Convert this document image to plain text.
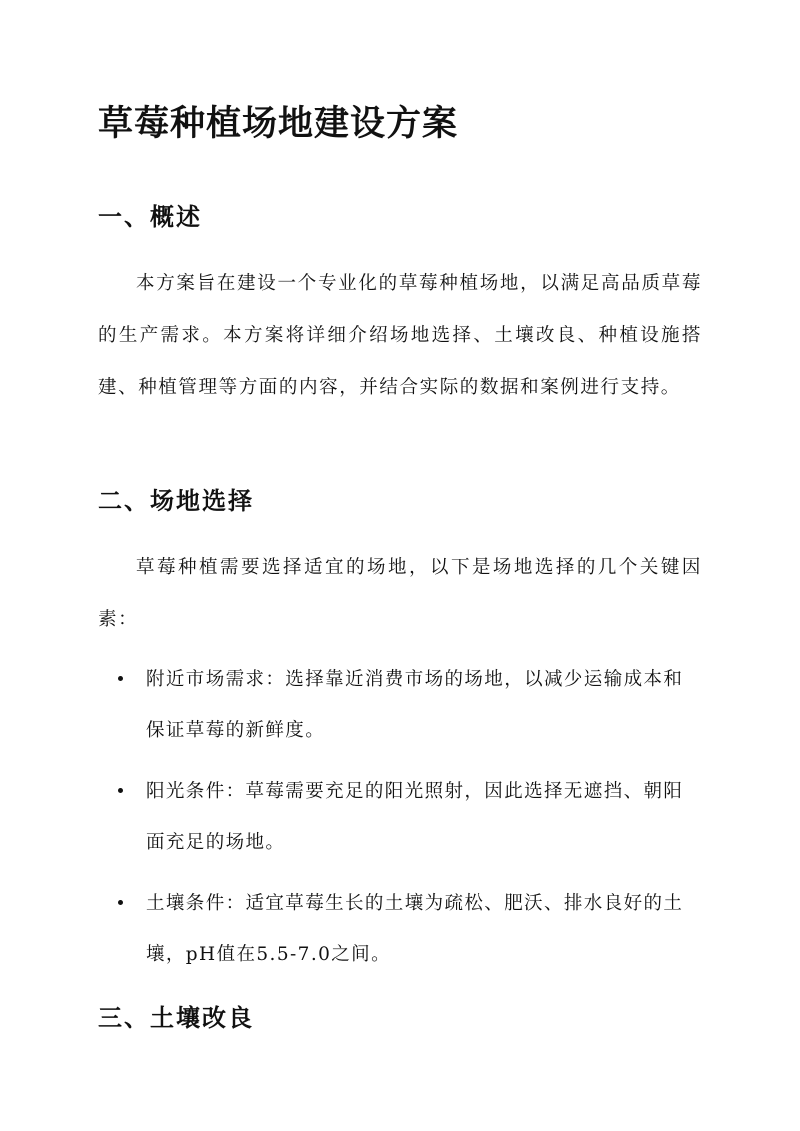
草莓种植场地建设方案
一、概述

本方案旨在建设一个专业化的草莓种植场地，以满足高品质草莓的生产需求。本方案将详细介绍场地选择、土壤改良、种植设施搭建、种植管理等方面的内容，并结合实际的数据和案例进行支持。

二、场地选择

草莓种植需要选择适宜的场地，以下是场地选择的几个关键因素：

附近市场需求：选择靠近消费市场的场地，以减少运输成本和保证草莓的新鲜度。
阳光条件：草莓需要充足的阳光照射，因此选择无遮挡、朝阳面充足的场地。
土壤条件：适宜草莓生长的土壤为疏松、肥沃、排水良好的土壤，pH值在5.5-7.0之间。
三、土壤改良
